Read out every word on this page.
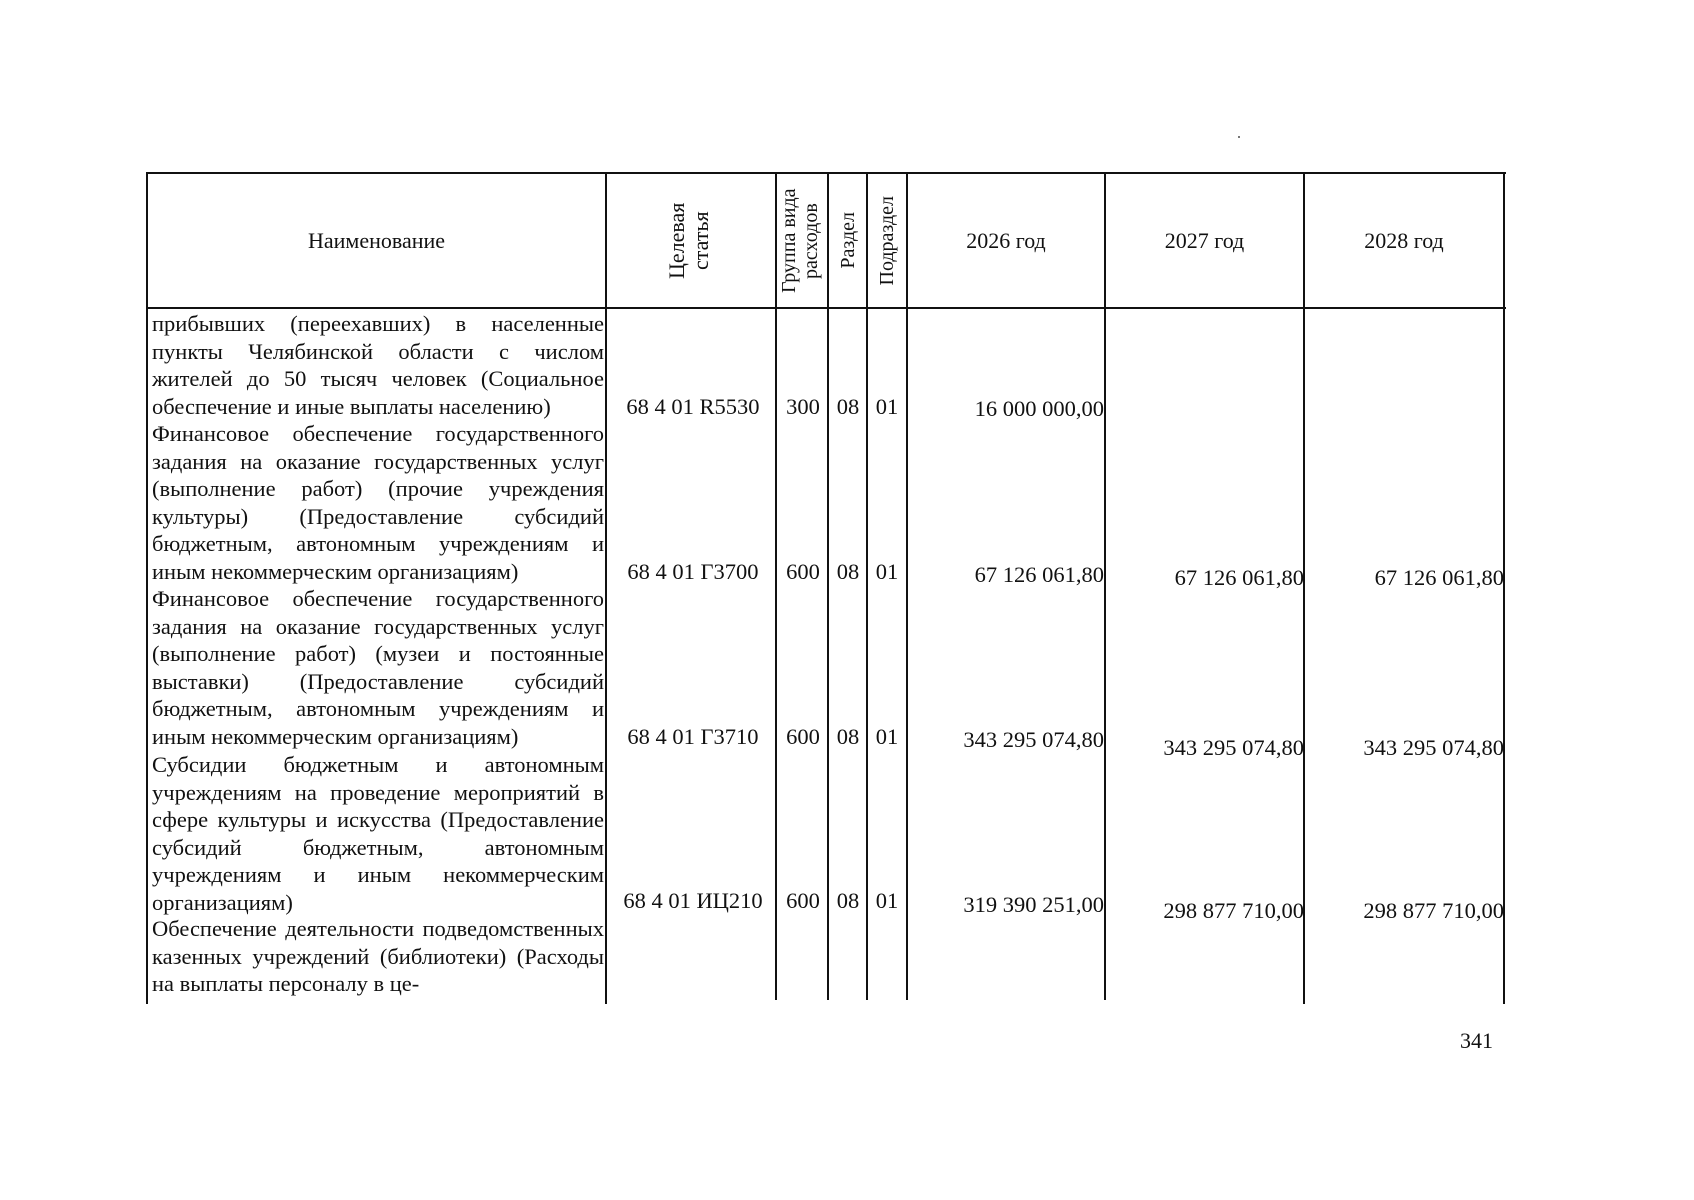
Наименование	Целевая статья	Группа вида расходов Раздел Подраздел	2026 год	2027 год	2028 год
прибывших (переехавших) в населенные пункты Челябинской области с числом жителей до 50 тысяч человек (Социальное обеспечение и иные выплаты населению)	68 4 01 R5530	300 08 01	16 000 000,00
Финансовое обеспечение государственного задания на оказание государственных услуг (выполнение работ) (прочие учреждения культуры) (Предоставление субсидий бюджетным, автономным учреждениям и иным некоммерческим организациям)	68 4 01 Г3700	600 08 01	67 126 061,80	67 126 061,80	67 126 061,80
Финансовое обеспечение государственного задания на оказание государственных услуг (выполнение работ) (музеи и постоянные выставки) (Предоставление субсидий бюджетным, автономным учреждениям и иным некоммерческим организациям)	68 4 01 Г3710	600 08 01	343 295 074,80	343 295 074,80	343 295 074,80
Субсидии бюджетным и автономным учреждениям на проведение мероприятий в сфере культуры и искусства (Предоставление субсидий бюджетным, автономным учреждениям и иным некоммерческим организациям)	68 4 01 ИЦ210	600 08 01	319 390 251,00	298 877 710,00	298 877 710,00
Обеспечение деятельности подведомственных казенных учреждений (библиотеки) (Расходы на выплаты персоналу в це-
341
